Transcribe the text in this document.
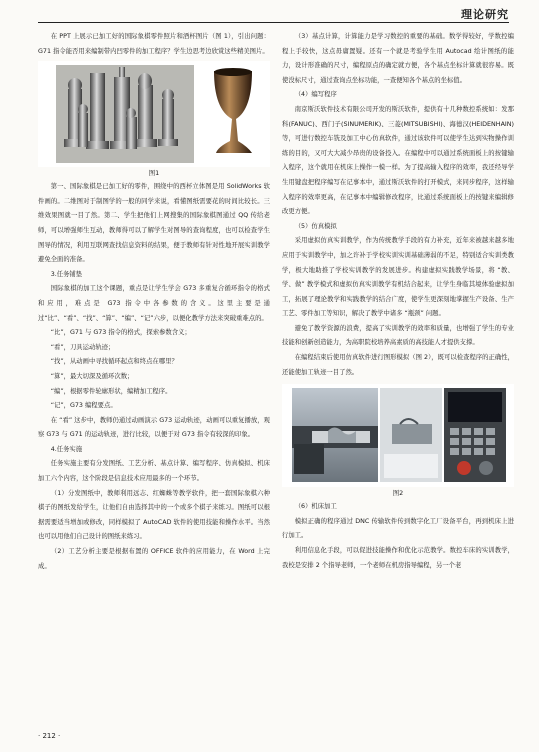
理论研究

在 PPT 上展示已加工好的国际象棋零件照片和酒杯图片（图 1），引出问题：G71 指令能否用来编制带内凹零件的加工程序？学生边思考边欣赏这些精美图片。

图1

第一、国际象棋是已加工好的零件，围绕中的西杯立体图是用 SolidWorks 软件画的。二维图对于制图学的一般的同学来说，看懂图纸需要花的时间比较长。三维效果图就一目了然。第二、学生把他们上网搜集的国际象棋图通过 QQ 传给老师，可以增强师生互动，教师得可以了解学生对图导的查询程度，也可以检查学生图导的情况，利用互联网查找信息资料的结果，便于教师有针对性地开展实训教学避免全面的准备。

3.任务铺垫

国际象棋的加工这个课题，重点是让学生学会 G73 多重复合循环指令的格式和应用，难点是 G73 指令中各参数的含义。这里主要是通过“比”、“看”、“找”、“算”、“编”、“记”六步，以便化教学方法来突破重难点的。

“比”，G71 与 G73 指令的格式，探索参数含义；

“看”，刀具运动轨迹；

“找”，从动画中寻找循环起点和终点在哪里？

“算”，最大切深及循环次数；

“编”，根据零件轮廓形状，编精加工程序。

“记”，G73 编程要点。

在 “看” 这步中，教师仍通过动画演示 G73 运动轨迹，动画可以重复播放，观察 G73 与 G71 的运动轨迹，进行比较，以便于对 G73 指令有较深的印象。

4.任务实施

任务实施主要有分发图纸、工艺分析、基点计算、编写程序、仿真模拟、机床加工六个内容，这个阶段是信息技术应用最多的一个环节。

（1）分发图纸中，教师利用远志、红蜘蛛等教学软件，把一套国际象棋六种棋子的图纸发给学生，让他们自由选择其中的一个或多个棋子来练习。图纸可以根据需要适当增加或修改，同样模拟了 AutoCAD 软件的使用技能和操作水平。当然也可以用他们自己设计的图纸来练习。

（2）工艺分析主要是根据布置的 OFFICE 软件的应用能力，在 Word 上完成。

（3）基点计算，计算能力是学习数控的重要的基础。数学得较好，学数控编程上手较快，这点毋庸置疑。还有一个就是考验学生用 Autocad 绘计图纸的能力，设计形准确的尺寸，编程原点的确定就方便，各个基点坐标计算就很容易。既使没标尺寸，通过查询点坐标功能，一查便知各个基点的坐标值。

（4）编写程序

南京斯沃软件技术有限公司开发的斯沃软件，提供有十几种数控系统如：发那科(FANUC)、西门子(SINUMERIK)、三菱(MITSUBISHI)、海德汉(HEIDENHAIN)等，可进行数控车铣及加工中心仿真软件，通过该软件可以使学生达到实物操作训练的目的，又可大大减少昂贵的设备投入。在编程中可以通过系统面板上的按键输入程序，这个就用在机床上操作一模一样。为了提高输入程序的效率，我还经导学生用键盘把程序编写在记事本中，通过斯沃软件的打开模式，来同步程序，这样输入程序的效率更高，在记事本中编辑修改程序，比通过系统面板上的按键来编辑修改更方便。

（5）仿真模拟

采用虚拟仿真实训教学，作为传统教学手段的有力补充，近年来被越来越多地应用于实训教学中，加之许补于学校实训实训基础薄弱的不足，特别适合实训类教学，极大地助推了学校实训教学的发展进步。构建虚拟实践教学场景，将 “教、学、做” 教学模式和虚拟仿真实训教学有机结合起来，让学生身临其境体验虚拟加工，拓展了理论教学和实践教学的结合广度，使学生更深刻地掌握生产设备、生产工艺、零件加工等知识，解决了教学中诸多 “瓶颈” 问题。

避免了教学资源的浪费，提高了实训教学的效率和质量，也增强了学生的专业技能和创新创造能力，为高职院校培养高素质的高技能人才提供支撑。

在编程结束后使用仿真软件进行图形模拟（图 2），既可以检查程序的正确性，还能使加工轨迹一目了然。

图2

（6）机床加工

模拟正确的程序通过 DNC 传输软件传到数字化工厂设备平台，再到机床上进行加工。

利用信息化手段，可以促进技能操作和优化示范教学。数控车床的实训教学，我校是安排 2 个指导老师，一个老师在机房指导编程，另一个老

· 212 ·
